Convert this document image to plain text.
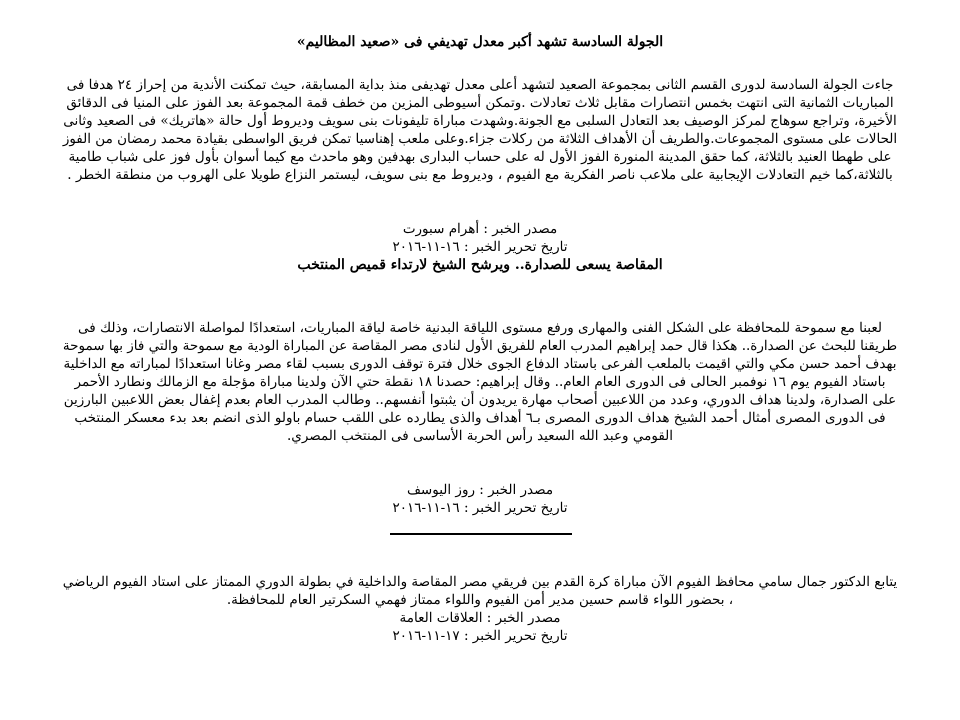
الجولة السادسة تشهد أكبر معدل تهديفي فى «صعيد المظاليم»
جاءت الجولة السادسة لدورى القسم الثانى بمجموعة الصعيد لتشهد أعلى معدل تهديفى منذ بداية المسابقة، حيث تمكنت الأندية من إحراز ٢٤ هدفا فى المباريات الثمانية التى انتهت بخمس انتصارات مقابل ثلاث تعادلات .وتمكن أسيوطى المزين من خطف قمة المجموعة بعد الفوز على المنيا فى الدقائق الأخيرة، وتراجع سوهاج لمركز الوصيف بعد التعادل السلبى مع الجونة.وشهدت مباراة تليفونات بنى سويف وديروط أول حالة «هاتريك» فى الصعيد وثانى الحالات على مستوى المجموعات.والطريف أن الأهداف الثلاثة من ركلات جزاء.وعلى ملعب إهناسيا تمكن فريق الواسطى بقيادة محمد رمضان من الفوز على طهطا العنيد بالثلاثة، كما حقق المدينة المنورة الفوز الأول له على حساب البدارى بهدفين وهو ماحدث مع كيما أسوان بأول فوز على شباب طامية بالثلاثة،كما خيم التعادلات الإيجابية على ملاعب ناصر الفكرية مع الفيوم ، وديروط مع بنى سويف، ليستمر النزاع طويلا على الهروب من منطقة الخطر .
مصدر الخبر : أهرام سبورت
تاريخ تحرير الخبر : ١٦-١١-٢٠١٦
المقاصة يسعى للصدارة.. ويرشح الشيخ لارتداء قميص المنتخب
لعبنا مع سموحة للمحافظة على الشكل الفنى والمهارى ورفع مستوى اللياقة البدنية خاصة لياقة المباريات، استعدادًا لمواصلة الانتصارات، وذلك فى طريقنا للبحث عن الصدارة.. هكذا قال حمد إبراهيم المدرب العام للفريق الأول لنادى مصر المقاصة عن المباراة الودية مع سموحة والتي فاز بها سموحة بهدف أحمد حسن مكي والتي اقيمت بالملعب الفرعى باستاد الدفاع الجوى خلال فترة توقف الدورى بسبب لقاء مصر وغانا استعدادًا لمباراته مع الداخلية باستاد الفيوم يوم ١٦ نوفمبر الحالى فى الدورى العام العام.. وقال إبراهيم: حصدنا ١٨ نقطة حتي الآن ولدينا مباراة مؤجلة مع الزمالك ونطارد الأحمر على الصدارة، ولدينا هداف الدوري، وعدد من اللاعبين أصحاب مهارة يريدون أن يثبتوا أنفسهم.. وطالب المدرب العام بعدم إغفال بعض اللاعبين البارزين فى الدورى المصرى أمثال أحمد الشيخ هداف الدورى المصرى بـ٦ أهداف والذى يطارده على اللقب حسام باولو الذى انضم بعد بدء معسكر المنتخب القومي وعبد الله السعيد رأس الحربة الأساسى فى المنتخب المصري.
مصدر الخبر : روز اليوسف
تاريخ تحرير الخبر : ١٦-١١-٢٠١٦
يتابع الدكتور جمال سامي محافظ الفيوم الآن مباراة كرة القدم بين فريقي مصر المقاصة والداخلية في بطولة الدوري الممتاز على استاد الفيوم الرياضي ، بحضور اللواء قاسم حسين مدير أمن الفيوم واللواء ممتاز فهمي السكرتير العام للمحافظة.
مصدر الخبر : العلاقات العامة
تاريخ تحرير الخبر : ١٧-١١-٢٠١٦
